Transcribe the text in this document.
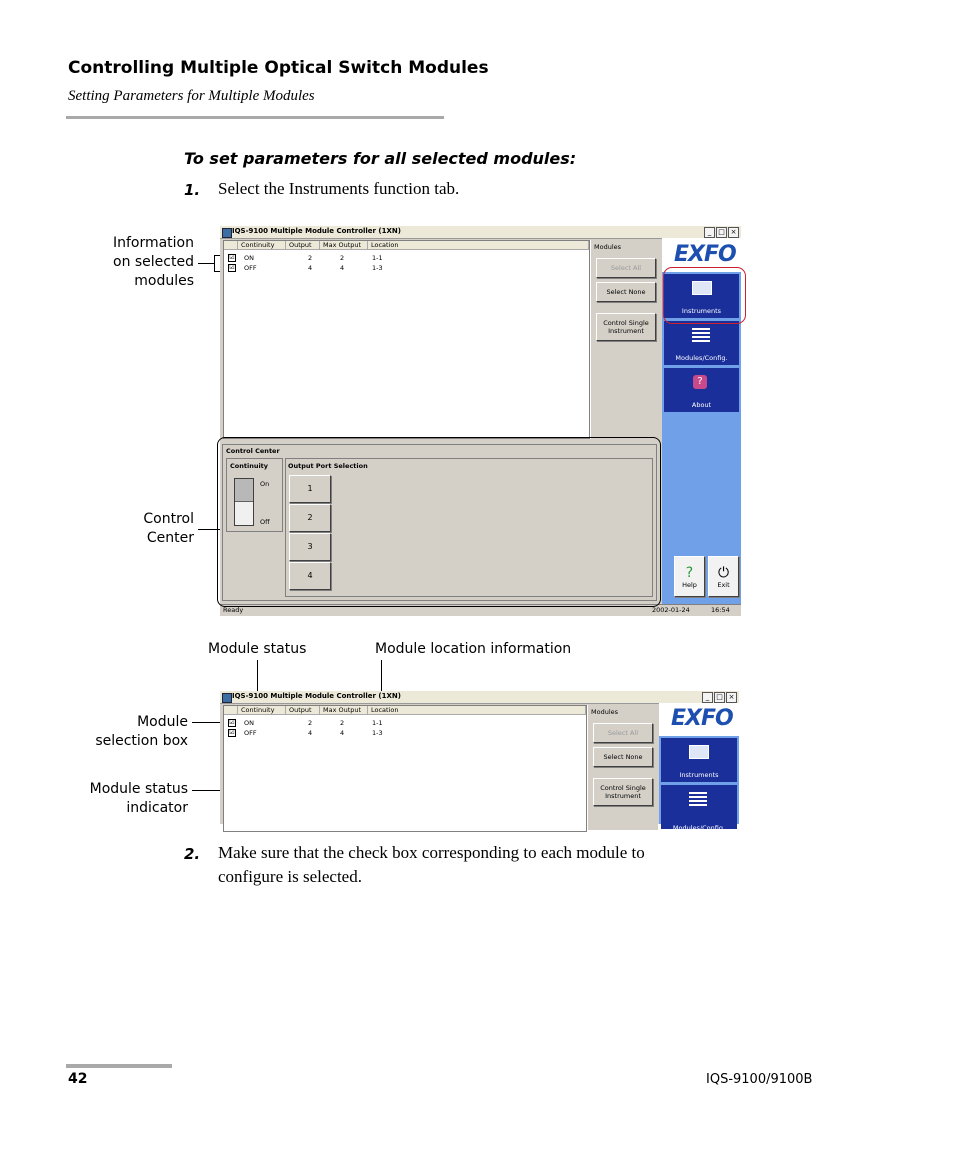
Controlling Multiple Optical Switch Modules
Setting Parameters for Multiple Modules
To set parameters for all selected modules:
1. Select the Instruments function tab.
Information
on selected
modules
Control
Center
IQS-9100 Multiple Module Controller (1XN)	_ □ ×
Continuity	Output	Max Output	Location
☑ ON	2	2	1-1
☑ OFF	4	4	1-3
Modules
Select All
Select None
Control Single
Instrument
EXFO
Instruments
Modules/Config.
?
About
?
Help
⏻
Exit
Control Center
Continuity
On
Off
Output Port Selection
1
2
3
4
Ready	2002-01-24	16:54
Module status	Module location information
Module
selection box
Module status
indicator
IQS-9100 Multiple Module Controller (1XN)	_ □ ×
Continuity	Output	Max Output	Location
☑ ON	2	2	1-1
☑ OFF	4	4	1-3
Modules
Select All
Select None
Control Single
Instrument
EXFO
Instruments
Modules/Config.
2. Make sure that the check box corresponding to each module to
configure is selected.
42	IQS-9100/9100B
